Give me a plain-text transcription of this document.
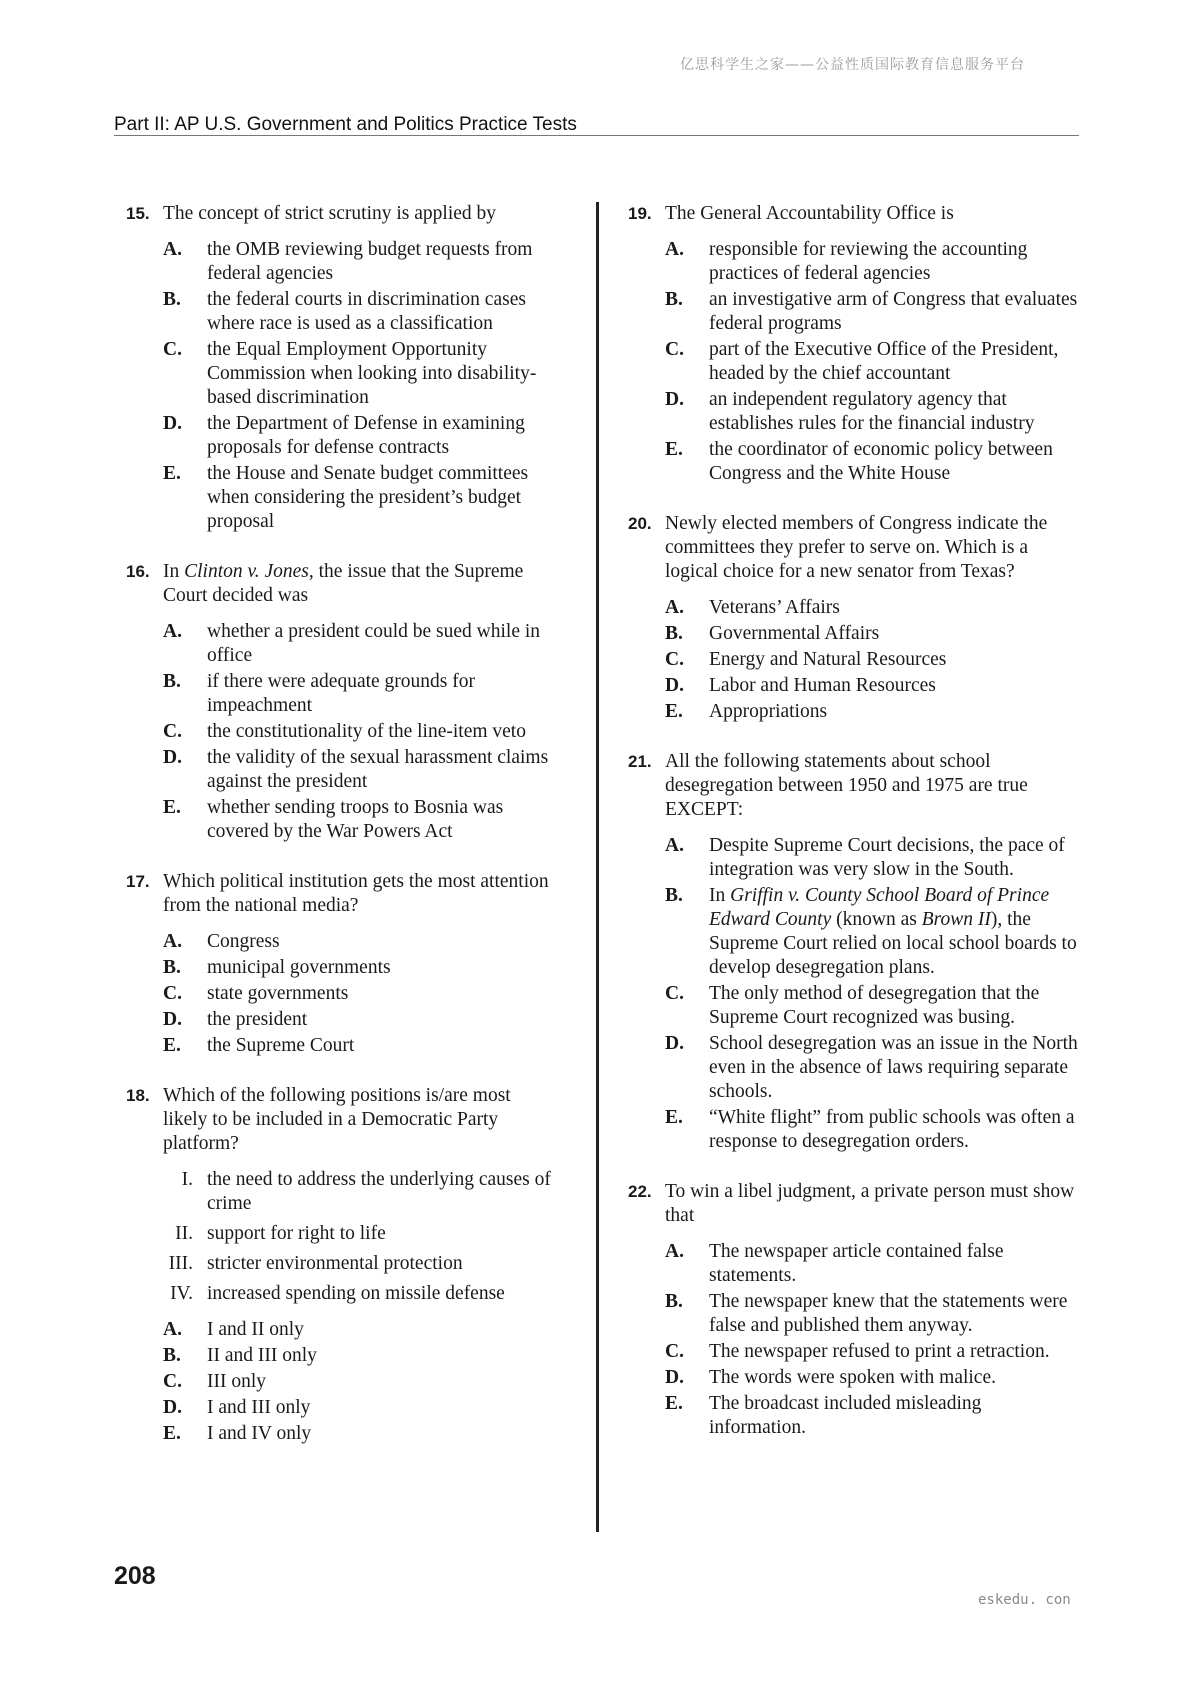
亿思科学生之家——公益性质国际教育信息服务平台
Part II: AP U.S. Government and Politics Practice Tests
15. The concept of strict scrutiny is applied by
A. the OMB reviewing budget requests from federal agencies
B. the federal courts in discrimination cases where race is used as a classification
C. the Equal Employment Opportunity Commission when looking into disability-based discrimination
D. the Department of Defense in examining proposals for defense contracts
E. the House and Senate budget committees when considering the president’s budget proposal
16. In Clinton v. Jones, the issue that the Supreme Court decided was
A. whether a president could be sued while in office
B. if there were adequate grounds for impeachment
C. the constitutionality of the line-item veto
D. the validity of the sexual harassment claims against the president
E. whether sending troops to Bosnia was covered by the War Powers Act
17. Which political institution gets the most attention from the national media?
A. Congress
B. municipal governments
C. state governments
D. the president
E. the Supreme Court
18. Which of the following positions is/are most likely to be included in a Democratic Party platform?
I. the need to address the underlying causes of crime
II. support for right to life
III. stricter environmental protection
IV. increased spending on missile defense
A. I and II only
B. II and III only
C. III only
D. I and III only
E. I and IV only
19. The General Accountability Office is
A. responsible for reviewing the accounting practices of federal agencies
B. an investigative arm of Congress that evaluates federal programs
C. part of the Executive Office of the President, headed by the chief accountant
D. an independent regulatory agency that establishes rules for the financial industry
E. the coordinator of economic policy between Congress and the White House
20. Newly elected members of Congress indicate the committees they prefer to serve on. Which is a logical choice for a new senator from Texas?
A. Veterans’ Affairs
B. Governmental Affairs
C. Energy and Natural Resources
D. Labor and Human Resources
E. Appropriations
21. All the following statements about school desegregation between 1950 and 1975 are true EXCEPT:
A. Despite Supreme Court decisions, the pace of integration was very slow in the South.
B. In Griffin v. County School Board of Prince Edward County (known as Brown II), the Supreme Court relied on local school boards to develop desegregation plans.
C. The only method of desegregation that the Supreme Court recognized was busing.
D. School desegregation was an issue in the North even in the absence of laws requiring separate schools.
E. “White flight” from public schools was often a response to desegregation orders.
22. To win a libel judgment, a private person must show that
A. The newspaper article contained false statements.
B. The newspaper knew that the statements were false and published them anyway.
C. The newspaper refused to print a retraction.
D. The words were spoken with malice.
E. The broadcast included misleading information.
208
eskedu. con
